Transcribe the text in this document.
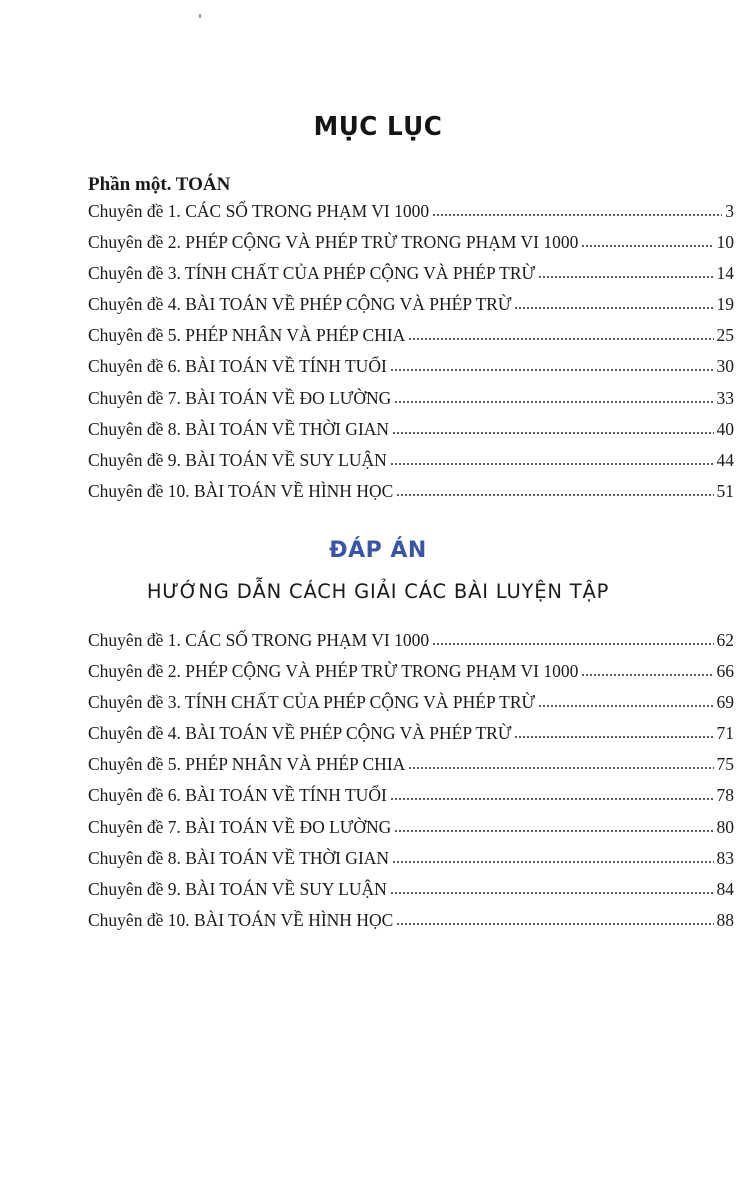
MỤC LỤC
Phần một. TOÁN
Chuyên đề 1. CÁC SỐ TRONG PHẠM VI 1000	3
Chuyên đề 2. PHÉP CỘNG VÀ PHÉP TRỪ TRONG PHẠM VI 1000	10
Chuyên đề 3. TÍNH CHẤT CỦA PHÉP CỘNG VÀ PHÉP TRỪ	14
Chuyên đề 4. BÀI TOÁN VỀ PHÉP CỘNG VÀ PHÉP TRỪ	19
Chuyên đề 5. PHÉP NHÂN VÀ PHÉP CHIA	25
Chuyên đề 6. BÀI TOÁN VỀ TÍNH TUỔI	30
Chuyên đề 7. BÀI TOÁN VỀ ĐO LƯỜNG	33
Chuyên đề 8. BÀI TOÁN VỀ THỜI GIAN	40
Chuyên đề 9. BÀI TOÁN VỀ SUY LUẬN	44
Chuyên đề 10. BÀI TOÁN VỀ HÌNH HỌC	51
ĐÁP ÁN
HƯỚNG DẪN CÁCH GIẢI CÁC BÀI LUYỆN TẬP
Chuyên đề 1. CÁC SỐ TRONG PHẠM VI 1000	62
Chuyên đề 2. PHÉP CỘNG VÀ PHÉP TRỪ TRONG PHẠM VI 1000	66
Chuyên đề 3. TÍNH CHẤT CỦA PHÉP CỘNG VÀ PHÉP TRỪ	69
Chuyên đề 4. BÀI TOÁN VỀ PHÉP CỘNG VÀ PHÉP TRỪ	71
Chuyên đề 5. PHÉP NHÂN VÀ PHÉP CHIA	75
Chuyên đề 6. BÀI TOÁN VỀ TÍNH TUỔI	78
Chuyên đề 7. BÀI TOÁN VỀ ĐO LƯỜNG	80
Chuyên đề 8. BÀI TOÁN VỀ THỜI GIAN	83
Chuyên đề 9. BÀI TOÁN VỀ SUY LUẬN	84
Chuyên đề 10. BÀI TOÁN VỀ HÌNH HỌC	88
